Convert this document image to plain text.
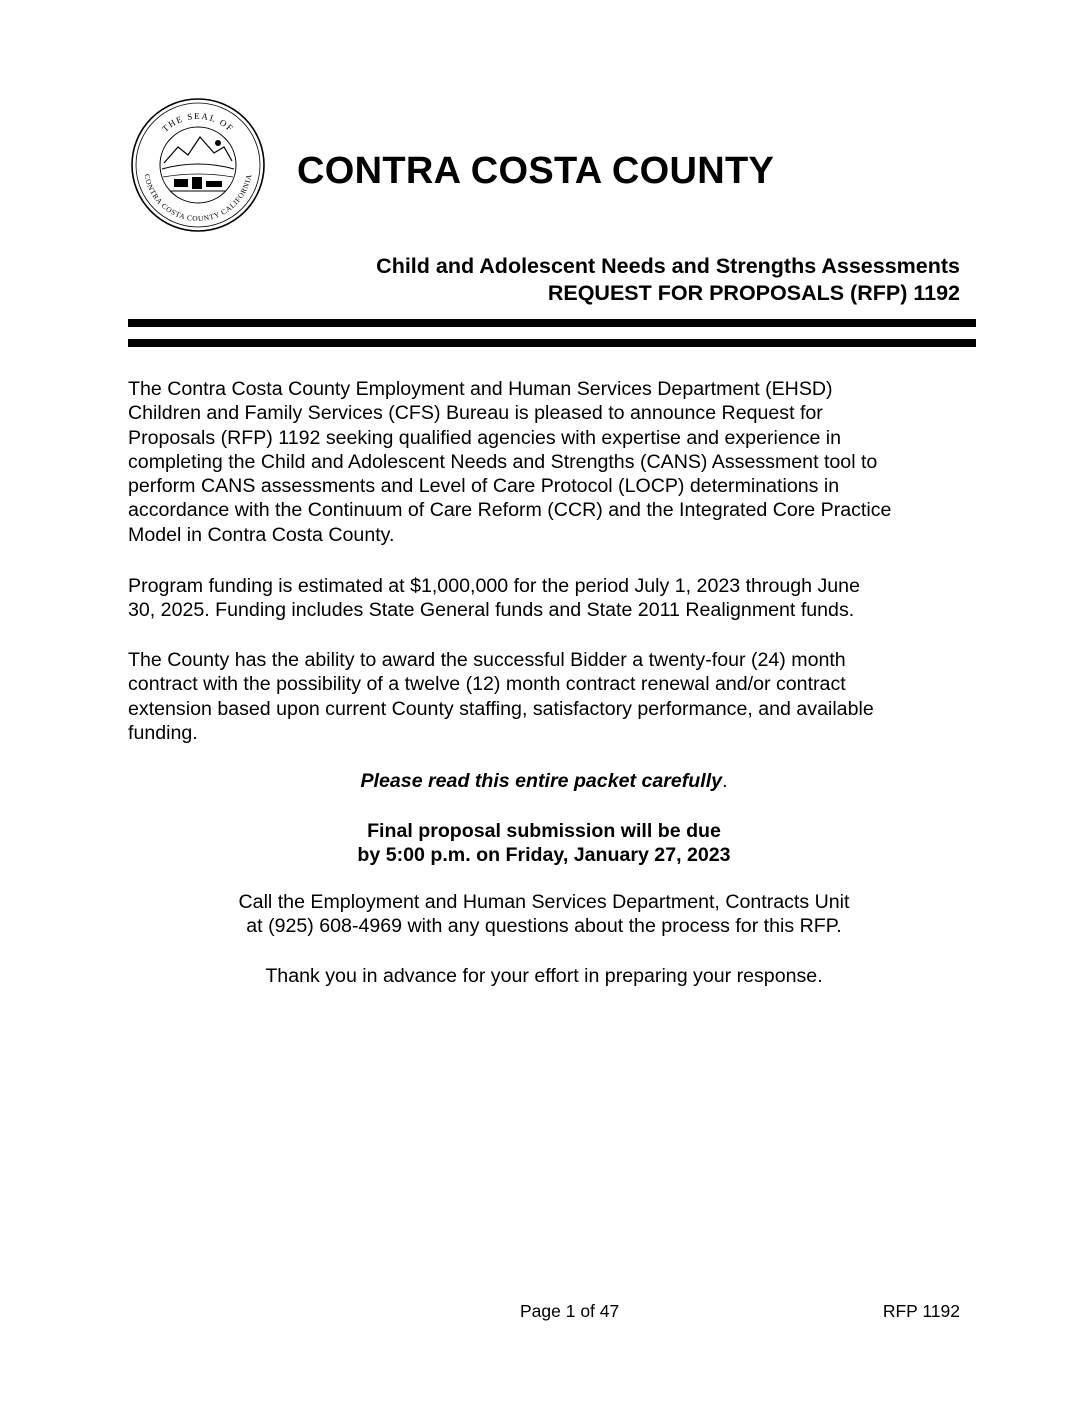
THE SEAL OF
CONTRA COSTA COUNTY CALIFORNIA CONTRA COSTA COUNTY
Child and Adolescent Needs and Strengths Assessments
REQUEST FOR PROPOSALS (RFP) 1192
The Contra Costa County Employment and Human Services Department (EHSD)
Children and Family Services (CFS) Bureau is pleased to announce Request for
Proposals (RFP) 1192 seeking qualified agencies with expertise and experience in
completing the Child and Adolescent Needs and Strengths (CANS) Assessment tool to
perform CANS assessments and Level of Care Protocol (LOCP) determinations in
accordance with the Continuum of Care Reform (CCR) and the Integrated Core Practice
Model in Contra Costa County.
Program funding is estimated at $1,000,000 for the period July 1, 2023 through June
30, 2025. Funding includes State General funds and State 2011 Realignment funds.
The County has the ability to award the successful Bidder a twenty-four (24) month
contract with the possibility of a twelve (12) month contract renewal and/or contract
extension based upon current County staffing, satisfactory performance, and available
funding.
Please read this entire packet carefully.
Final proposal submission will be due
by 5:00 p.m. on Friday, January 27, 2023
Call the Employment and Human Services Department, Contracts Unit
at (925) 608-4969 with any questions about the process for this RFP.
Thank you in advance for your effort in preparing your response.
Page 1 of 47	RFP 1192
